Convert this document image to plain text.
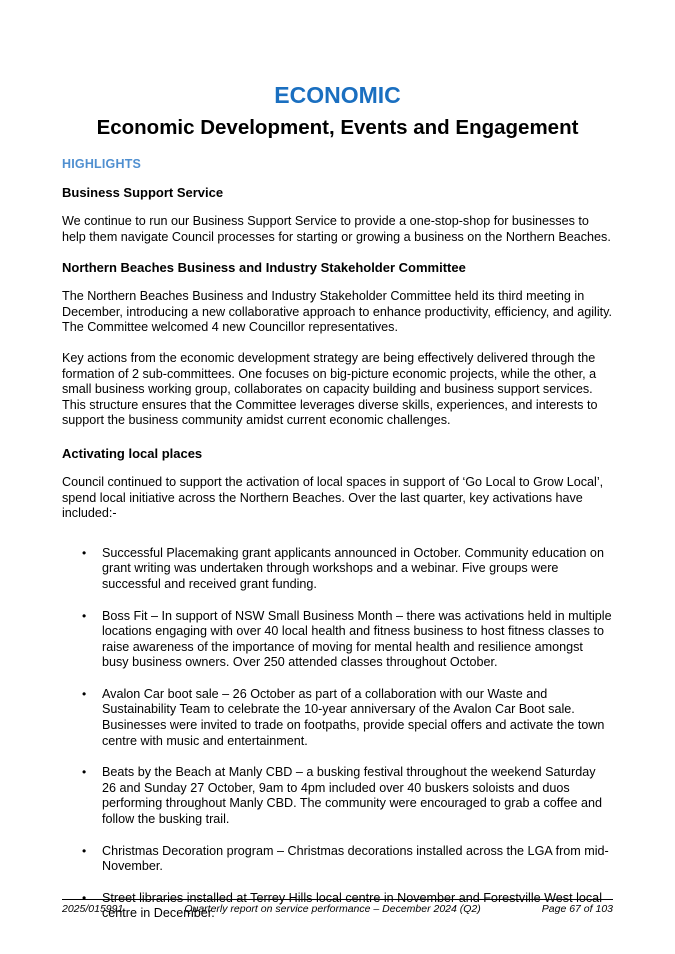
ECONOMIC
Economic Development, Events and Engagement
HIGHLIGHTS
Business Support Service

We continue to run our Business Support Service to provide a one-stop-shop for businesses to help them navigate Council processes for starting or growing a business on the Northern Beaches.

Northern Beaches Business and Industry Stakeholder Committee

The Northern Beaches Business and Industry Stakeholder Committee held its third meeting in December, introducing a new collaborative approach to enhance productivity, efficiency, and agility. The Committee welcomed 4 new Councillor representatives.

Key actions from the economic development strategy are being effectively delivered through the formation of 2 sub-committees. One focuses on big-picture economic projects, while the other, a small business working group, collaborates on capacity building and business support services. This structure ensures that the Committee leverages diverse skills, experiences, and interests to support the business community amidst current economic challenges.

Activating local places

Council continued to support the activation of local spaces in support of ‘Go Local to Grow Local’, spend local initiative across the Northern Beaches. Over the last quarter, key activations have included:-

• Successful Placemaking grant applicants announced in October. Community education on grant writing was undertaken through workshops and a webinar. Five groups were successful and received grant funding.
• Boss Fit – In support of NSW Small Business Month – there was activations held in multiple locations engaging with over 40 local health and fitness business to host fitness classes to raise awareness of the importance of moving for mental health and resilience amongst busy business owners. Over 250 attended classes throughout October.
• Avalon Car boot sale – 26 October as part of a collaboration with our Waste and Sustainability Team to celebrate the 10-year anniversary of the Avalon Car Boot sale. Businesses were invited to trade on footpaths, provide special offers and activate the town centre with music and entertainment.
• Beats by the Beach at Manly CBD – a busking festival throughout the weekend Saturday 26 and Sunday 27 October, 9am to 4pm included over 40 buskers soloists and duos performing throughout Manly CBD. The community were encouraged to grab a coffee and follow the busking trail.
• Christmas Decoration program – Christmas decorations installed across the LGA from mid-November.
• Street libraries installed at Terrey Hills local centre in November and Forestville West local centre in December.
2025/015991	Quarterly report on service performance – December 2024 (Q2)	Page 67 of 103
